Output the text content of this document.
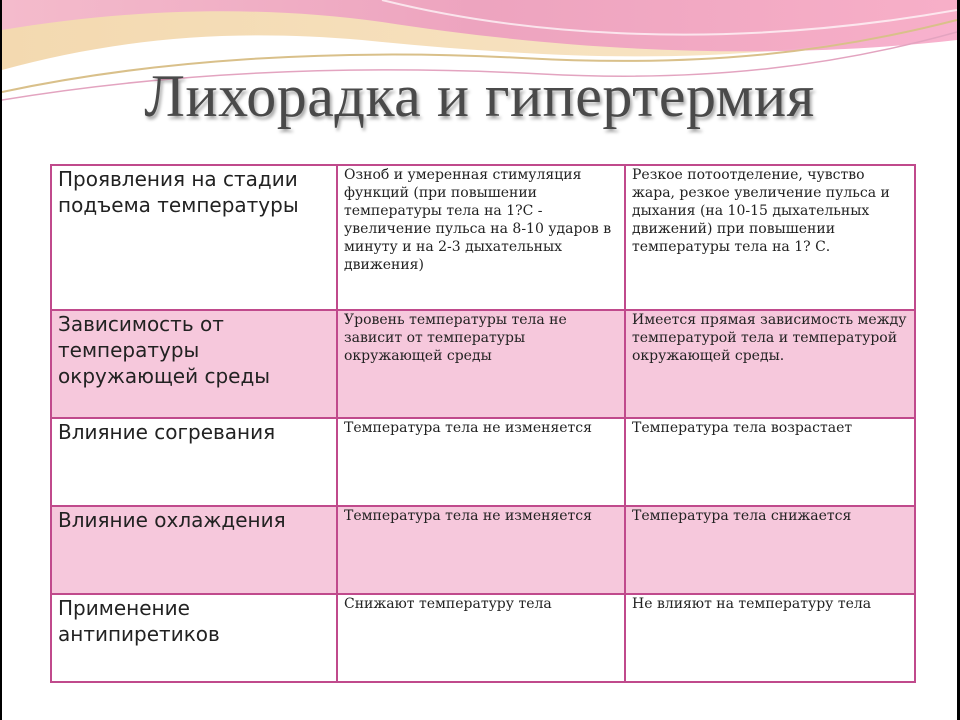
Лихорадка и гипертермия
Проявления на стадии подъема температуры	Озноб и умеренная стимуляция функций (при повышении температуры тела на 1?С - увеличение пульса на 8-10 ударов в минуту и на 2-3 дыхательных движения)	Резкое потоотделение, чувство жара, резкое увеличение пульса и дыхания (на 10-15 дыхательных движений) при повышении температуры тела на 1? С.
Зависимость от температуры окружающей среды	Уровень температуры тела не зависит от температуры окружающей среды	Имеется прямая зависимость между температурой тела и температурой окружающей среды.
Влияние согревания	Температура тела не изменяется	Температура тела возрастает
Влияние охлаждения	Температура тела не изменяется	Температура тела снижается
Применение антипиретиков	Снижают температуру тела	Не влияют на температуру тела
